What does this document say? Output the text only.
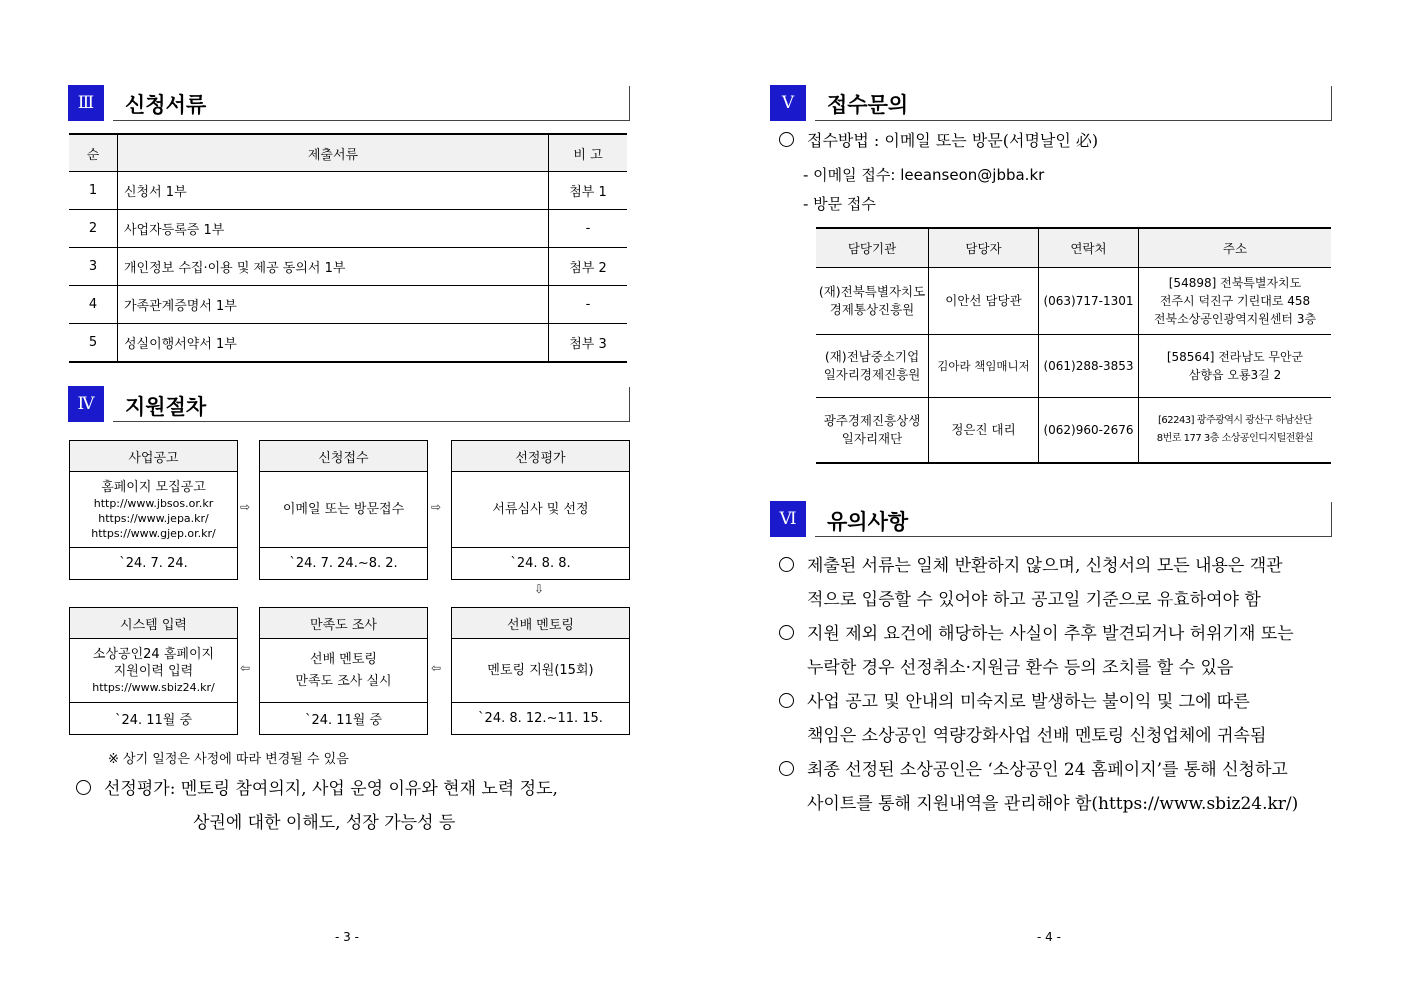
Ⅲ	신청서류
순	제출서류	비 고
1	신청서 1부	첨부 1
2	사업자등록증 1부	-
3	개인정보 수집·이용 및 제공 동의서 1부	첨부 2
4	가족관계증명서 1부	-
5	성실이행서약서 1부	첨부 3
Ⅳ	지원절차
사업공고
홈페이지 모집공고
http://www.jbsos.or.kr
https://www.jepa.kr/
https://www.gjep.or.kr/
`24. 7. 24.
⇨
신청접수
이메일 또는 방문접수
`24. 7. 24.~8. 2.
⇨
선정평가
서류심사 및 선정
`24. 8. 8.
⇩
시스템 입력
소상공인24 홈페이지
지원이력 입력
https://www.sbiz24.kr/
`24. 11월 중
⇦
만족도 조사
선배 멘토링
만족도 조사 실시
`24. 11월 중
⇦
선배 멘토링
멘토링 지원(15회)
`24. 8. 12.~11. 15.
※ 상기 일정은 사정에 따라 변경될 수 있음
선정평가: 멘토링 참여의지, 사업 운영 이유와 현재 노력 정도,
상권에 대한 이해도, 성장 가능성 등
- 3 -
Ⅴ	접수문의
접수방법 : 이메일 또는 방문(서명날인 必)
- 이메일 접수: leeanseon@jbba.kr
- 방문 접수
담당기관	담당자	연락처	주소
(재)전북특별자치도
경제통상진흥원	이안선 담당관	(063)717-1301	[54898] 전북특별자치도
전주시 덕진구 기린대로 458
전북소상공인광역지원센터 3층
(재)전남중소기업
일자리경제진흥원	김아라 책임매니저	(061)288-3853	[58564] 전라남도 무안군
삼향읍 오룡3길 2
광주경제진흥상생
일자리재단	정은진 대리	(062)960-2676	[62243] 광주광역시 광산구 하남산단
8번로 177 3층 소상공인디지털전환실
Ⅵ	유의사항
제출된 서류는 일체 반환하지 않으며, 신청서의 모든 내용은 객관
적으로 입증할 수 있어야 하고 공고일 기준으로 유효하여야 함
지원 제외 요건에 해당하는 사실이 추후 발견되거나 허위기재 또는
누락한 경우 선정취소·지원금 환수 등의 조치를 할 수 있음
사업 공고 및 안내의 미숙지로 발생하는 불이익 및 그에 따른
책임은 소상공인 역량강화사업 선배 멘토링 신청업체에 귀속됨
최종 선정된 소상공인은 ‘소상공인 24 홈페이지’를 통해 신청하고
사이트를 통해 지원내역을 관리해야 함(https://www.sbiz24.kr/)
- 4 -
